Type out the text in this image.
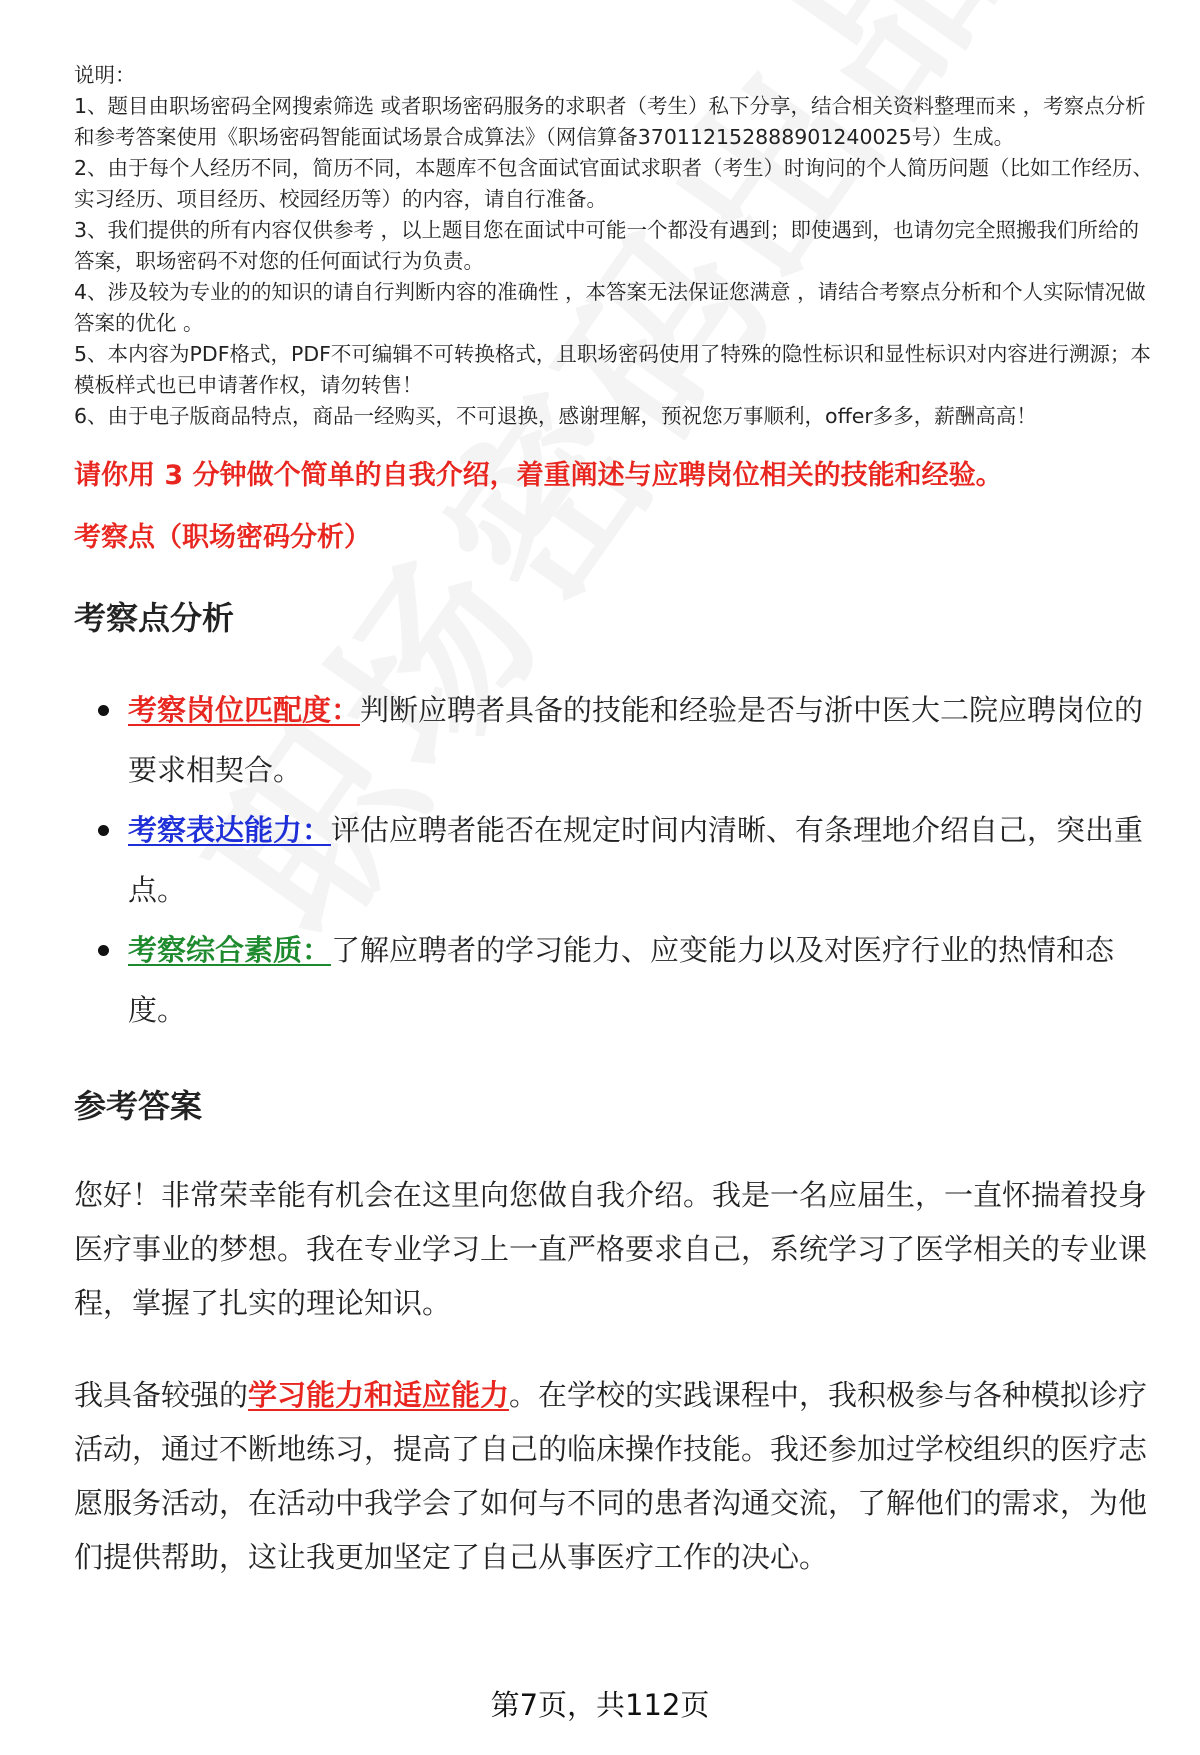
说明：

1、题目由职场密码全网搜索筛选 或者职场密码服务的求职者（考生）私下分享，结合相关资料整理而来 ，考察点分析和参考答案使用《职场密码智能面试场景合成算法》（网信算备370112152888901240025号）生成。

2、由于每个人经历不同，简历不同，本题库不包含面试官面试求职者（考生）时询问的个人简历问题（比如工作经历、实习经历、项目经历、校园经历等）的内容，请自行准备。

3、我们提供的所有内容仅供参考 ，以上题目您在面试中可能一个都没有遇到；即使遇到，也请勿完全照搬我们所给的答案，职场密码不对您的任何面试行为负责。

4、涉及较为专业的的知识的请自行判断内容的准确性 ，本答案无法保证您满意 ，请结合考察点分析和个人实际情况做答案的优化 。

5、本内容为PDF格式，PDF不可编辑不可转换格式，且职场密码使用了特殊的隐性标识和显性标识对内容进行溯源；本模板样式也已申请著作权，请勿转售！

6、由于电子版商品特点，商品一经购买，不可退换，感谢理解，预祝您万事顺利，offer多多，薪酬高高！

请你用 3 分钟做个简单的自我介绍，着重阐述与应聘岗位相关的技能和经验。
考察点（职场密码分析）
考察点分析
考察岗位匹配度：判断应聘者具备的技能和经验是否与浙中医大二院应聘岗位的要求相契合。
考察表达能力：评估应聘者能否在规定时间内清晰、有条理地介绍自己，突出重点。
考察综合素质：了解应聘者的学习能力、应变能力以及对医疗行业的热情和态度。
参考答案

您好！非常荣幸能有机会在这里向您做自我介绍。我是一名应届生，一直怀揣着投身医疗事业的梦想。我在专业学习上一直严格要求自己，系统学习了医学相关的专业课程，掌握了扎实的理论知识。

我具备较强的学习能力和适应能力。在学校的实践课程中，我积极参与各种模拟诊疗活动，通过不断地练习，提高了自己的临床操作技能。我还参加过学校组织的医疗志愿服务活动，在活动中我学会了如何与不同的患者沟通交流，了解他们的需求，为他们提供帮助，这让我更加坚定了自己从事医疗工作的决心。

第7页，共112页
